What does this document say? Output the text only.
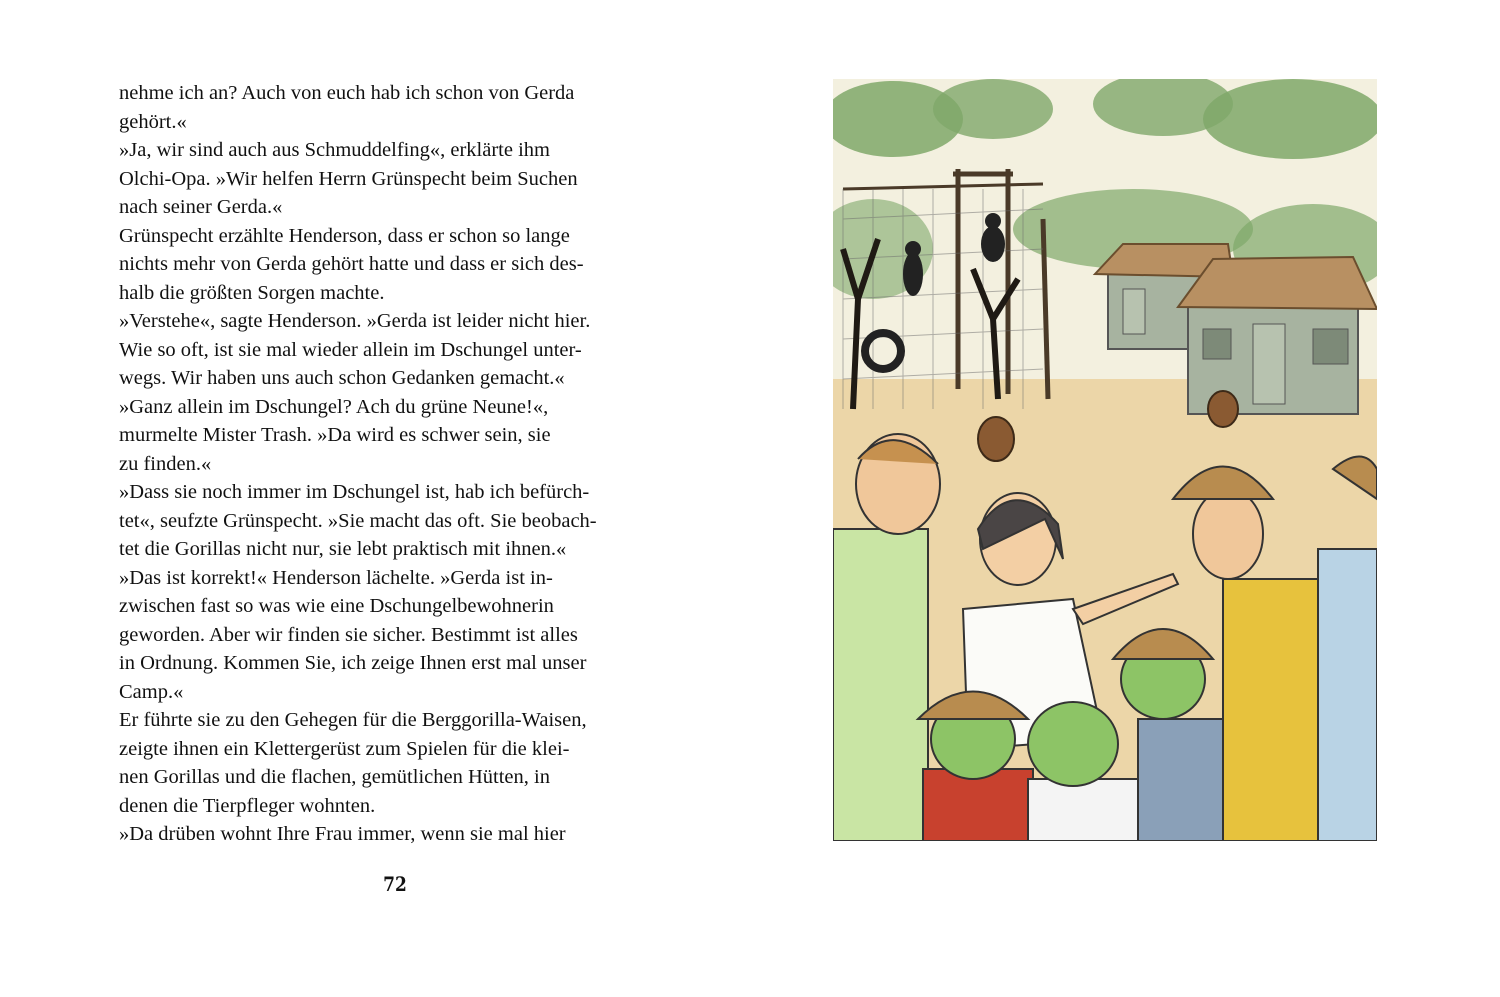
nehme ich an? Auch von euch hab ich schon von Gerda
gehört.«
»Ja, wir sind auch aus Schmuddelfing«, erklärte ihm
Olchi-Opa. »Wir helfen Herrn Grünspecht beim Suchen
nach seiner Gerda.«
Grünspecht erzählte Henderson, dass er schon so lange
nichts mehr von Gerda gehört hatte und dass er sich des-
halb die größten Sorgen machte.
»Verstehe«, sagte Henderson. »Gerda ist leider nicht hier.
Wie so oft, ist sie mal wieder allein im Dschungel unter-
wegs. Wir haben uns auch schon Gedanken gemacht.«
»Ganz allein im Dschungel? Ach du grüne Neune!«,
murmelte Mister Trash. »Da wird es schwer sein, sie
zu finden.«
»Dass sie noch immer im Dschungel ist, hab ich befürch-
tet«, seufzte Grünspecht. »Sie macht das oft. Sie beobach-
tet die Gorillas nicht nur, sie lebt praktisch mit ihnen.«
»Das ist korrekt!« Henderson lächelte. »Gerda ist in-
zwischen fast so was wie eine Dschungelbewohnerin
geworden. Aber wir finden sie sicher. Bestimmt ist alles
in Ordnung. Kommen Sie, ich zeige Ihnen erst mal unser
Camp.«
Er führte sie zu den Gehegen für die Berggorilla-Waisen,
zeigte ihnen ein Klettergerüst zum Spielen für die klei-
nen Gorillas und die flachen, gemütlichen Hütten, in
denen die Tierpfleger wohnten.
»Da drüben wohnt Ihre Frau immer, wenn sie mal hier
72
